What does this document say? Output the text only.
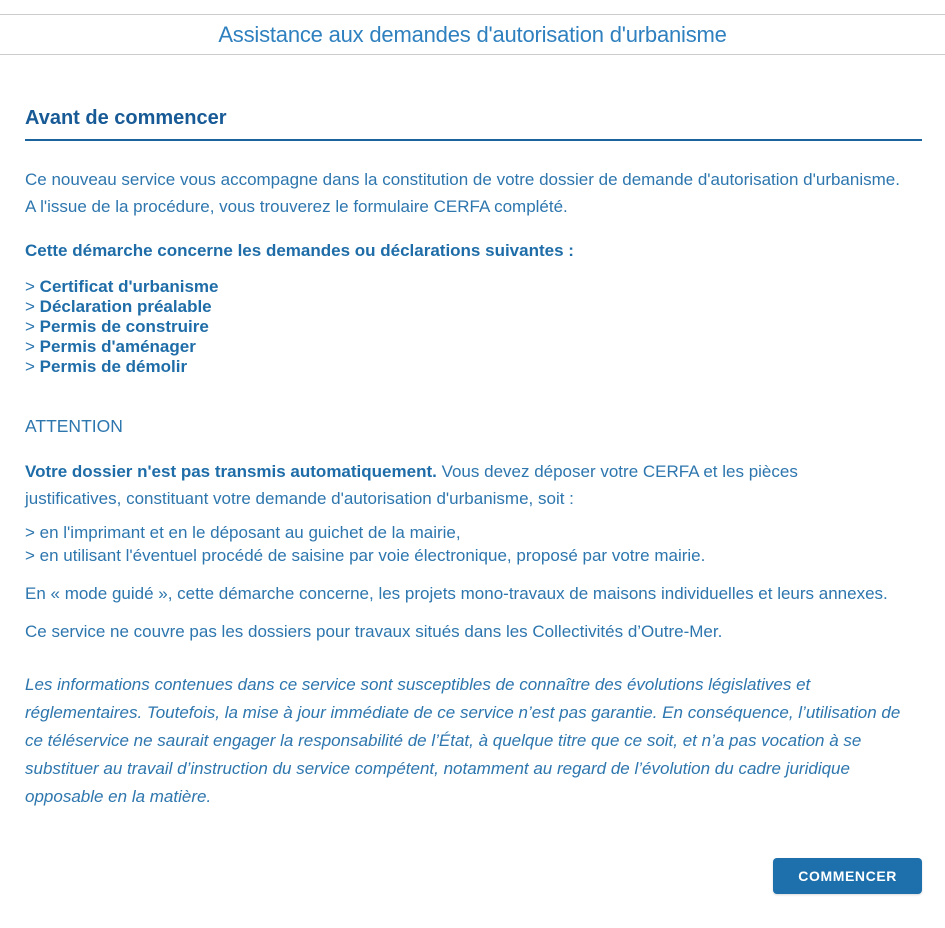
Assistance aux demandes d'autorisation d'urbanisme
Avant de commencer

Ce nouveau service vous accompagne dans la constitution de votre dossier de demande d'autorisation d'urbanisme. A l'issue de la procédure, vous trouverez le formulaire CERFA complété.

Cette démarche concerne les demandes ou déclarations suivantes :

> Certificat d'urbanisme
> Déclaration préalable
> Permis de construire
> Permis d'aménager
> Permis de démolir

ATTENTION

Votre dossier n'est pas transmis automatiquement. Vous devez déposer votre CERFA et les pièces justificatives, constituant votre demande d'autorisation d'urbanisme, soit :

> en l'imprimant et en le déposant au guichet de la mairie,
> en utilisant l'éventuel procédé de saisine par voie électronique, proposé par votre mairie.

En « mode guidé », cette démarche concerne, les projets mono-travaux de maisons individuelles et leurs annexes.

Ce service ne couvre pas les dossiers pour travaux situés dans les Collectivités d’Outre-Mer.

Les informations contenues dans ce service sont susceptibles de connaître des évolutions législatives et réglementaires. Toutefois, la mise à jour immédiate de ce service n’est pas garantie. En conséquence, l’utilisation de ce téléservice ne saurait engager la responsabilité de l’État, à quelque titre que ce soit, et n’a pas vocation à se substituer au travail d’instruction du service compétent, notamment au regard de l’évolution du cadre juridique opposable en la matière.

COMMENCER
